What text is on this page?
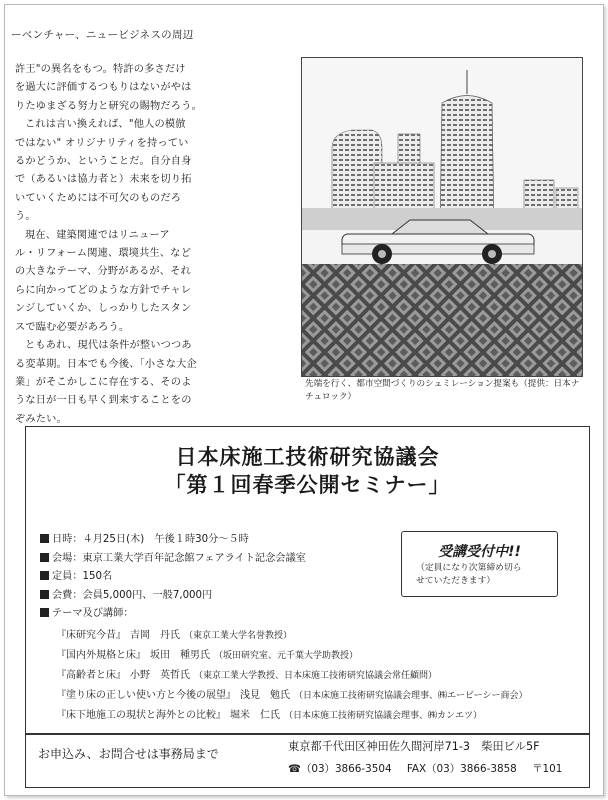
ーベンチャー、ニュービジネスの周辺

許王"の異名をもつ。特許の多さだけ
を過大に評価するつもりはないがやは
りたゆまざる努力と研究の賜物だろう。

これは言い換えれば、"他人の模倣
ではない" オリジナリティを持ってい
るかどうか、ということだ。自分自身
で（あるいは協力者と）未来を切り拓
いていくためには不可欠のものだろ
う。

現在、建築関連ではリニューア
ル・リフォーム関連、環境共生、など
の大きなテーマ、分野があるが、それ
らに向かってどのような方針でチャレ
ンジしていくか、しっかりしたスタン
スで臨む必要があろう。

ともあれ、現代は条件が整いつつあ
る変革期。日本でも今後、「小さな大企
業」がそこかしこに存在する、そのよ
うな日が一日も早く到来することをの
ぞみたい。

先端を行く、都市空間づくりのシュミレーション提案も（提供：日本ナ
チュロック）
日本床施工技術研究協議会
「第１回春季公開セミナー」
日時：４月25日(木)　午後１時30分～５時
会場：東京工業大学百年記念館フェアライト記念会議室
定員：150名
会費：会員5,000円、一般7,000円
テーマ及び講師：
『床研究今昔』 吉岡　丹氏 （東京工業大学名誉教授）
『国内外規格と床』 坂田　種男氏 （坂田研究室、元千葉大学助教授）
『高齢者と床』 小野　英哲氏 （東京工業大学教授、日本床施工技術研究協議会常任顧問）
『塗り床の正しい使い方と今後の展望』 浅見　勉氏 （日本床施工技術研究協議会理事、㈱エービーシー商会）
『床下地施工の現状と海外との比較』 堀米　仁氏 （日本床施工技術研究協議会理事、㈱カンエツ）
受講受付中!!
（定員になり次第締め切ら
せていただきます）
お申込み、お問合せは事務局まで
東京都千代田区神田佐久間河岸71-3　柴田ビル5F
☎（03）3866-3504 FAX（03）3866-3858 〒101
